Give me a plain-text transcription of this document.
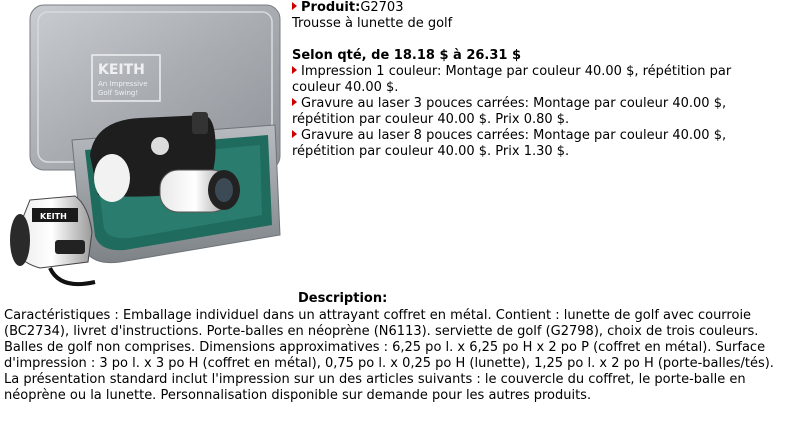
KEITH
An Impressive
Golf Swing!
KEITH

Produit:G2703

Trousse à lunette de golf

Selon qté, de 18.18 $ à 26.31 $

Impression 1 couleur: Montage par couleur 40.00 $, répétition par
couleur 40.00 $.

Gravure au laser 3 pouces carrées: Montage par couleur 40.00 $,
répétition par couleur 40.00 $. Prix 0.80 $.

Gravure au laser 8 pouces carrées: Montage par couleur 40.00 $,
répétition par couleur 40.00 $. Prix 1.30 $.

Description:

Caractéristiques : Emballage individuel dans un attrayant coffret en métal. Contient : lunette de golf avec courroie (BC2734), livret d'instructions. Porte-balles en néoprène (N6113). serviette de golf (G2798), choix de trois couleurs. Balles de golf non comprises. Dimensions approximatives : 6,25 po l. x 6,25 po H x 2 po P (coffret en métal). Surface d'impression : 3 po l. x 3 po H (coffret en métal), 0,75 po l. x 0,25 po H (lunette), 1,25 po l. x 2 po H (porte-balles/tés). La présentation standard inclut l'impression sur un des articles suivants : le couvercle du coffret, le porte-balle en néoprène ou la lunette. Personnalisation disponible sur demande pour les autres produits.
